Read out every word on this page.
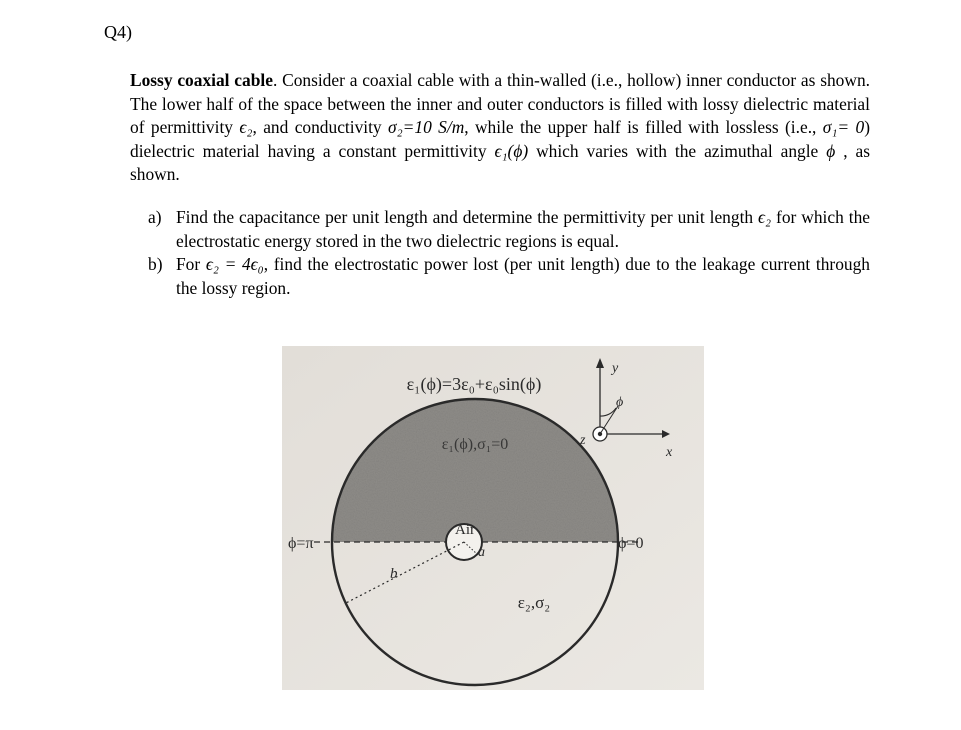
Q4)
Lossy coaxial cable. Consider a coaxial cable with a thin-walled (i.e., hollow) inner conductor as shown. The lower half of the space between the inner and outer conductors is filled with lossy dielectric material of permittivity ϵ₂, and conductivity σ₂=10 S/m, while the upper half is filled with lossless (i.e., σ₁= 0) dielectric material having a constant permittivity ϵ₁(ϕ) which varies with the azimuthal angle ϕ , as shown.
a) Find the capacitance per unit length and determine the permittivity per unit length ϵ₂ for which the electrostatic energy stored in the two dielectric regions is equal.
b) For ϵ₂ = 4ϵ₀, find the electrostatic power lost (per unit length) due to the leakage current through the lossy region.
ε₁(ϕ)=3ε₀+ε₀sin(ϕ)
ε₁(ϕ),σ₁=0
Air
a
b
ε₂,σ₂
ϕ=π	ϕ=0
y
x
z
ϕ
